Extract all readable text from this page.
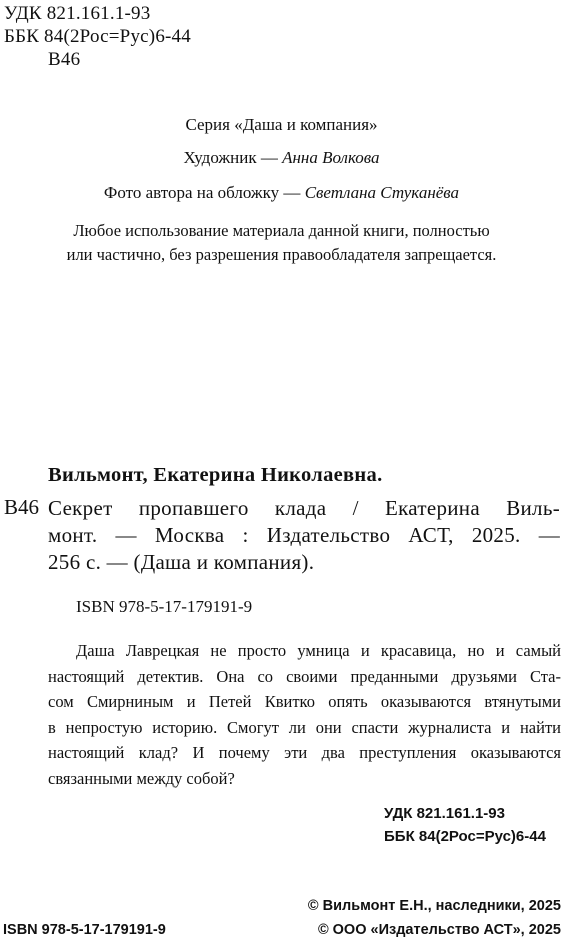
УДК 821.161.1-93
ББК 84(2Рос=Рус)6-44
В46
Серия «Даша и компания»
Художник — Анна Волкова
Фото автора на обложку — Светлана Стуканёва
Любое использование материала данной книги, полностью
или частично, без разрешения правообладателя запрещается.
Вильмонт, Екатерина Николаевна.
В46 Секрет пропавшего клада / Екатерина Виль-
монт. — Москва : Издательство АСТ, 2025. —
256 с. — (Даша и компания).
ISBN 978-5-17-179191-9
Даша Лаврецкая не просто умница и красавица, но и самый
настоящий детектив. Она со своими преданными друзьями Ста-
сом Смирниным и Петей Квитко опять оказываются втянутыми
в непростую историю. Смогут ли они спасти журналиста и найти
настоящий клад? И почему эти два преступления оказываются
связанными между собой?
УДК 821.161.1-93
ББК 84(2Рос=Рус)6-44
© Вильмонт Е.Н., наследники, 2025
ISBN 978-5-17-179191-9	© ООО «Издательство АСТ», 2025
